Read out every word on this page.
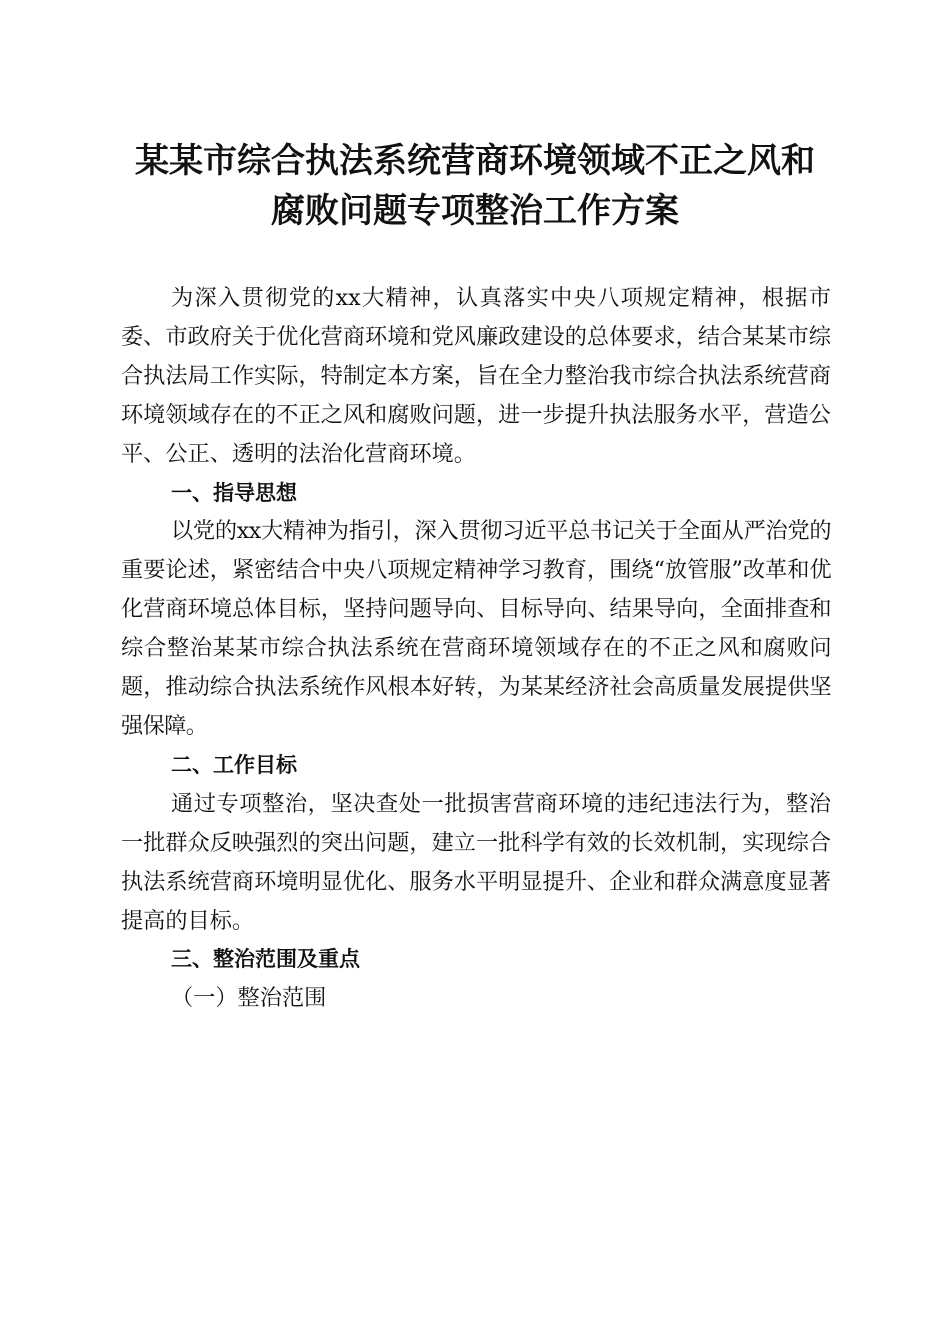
某某市综合执法系统营商环境领域不正之风和
腐败问题专项整治工作方案

为深入贯彻党的xx大精神，认真落实中央八项规定精神，根据市委、市政府关于优化营商环境和党风廉政建设的总体要求，结合某某市综合执法局工作实际，特制定本方案，旨在全力整治我市综合执法系统营商环境领域存在的不正之风和腐败问题，进一步提升执法服务水平，营造公平、公正、透明的法治化营商环境。

一、指导思想

以党的xx大精神为指引，深入贯彻习近平总书记关于全面从严治党的重要论述，紧密结合中央八项规定精神学习教育，围绕“放管服”改革和优化营商环境总体目标，坚持问题导向、目标导向、结果导向，全面排查和综合整治某某市综合执法系统在营商环境领域存在的不正之风和腐败问题，推动综合执法系统作风根本好转，为某某经济社会高质量发展提供坚强保障。

二、工作目标

通过专项整治，坚决查处一批损害营商环境的违纪违法行为，整治一批群众反映强烈的突出问题，建立一批科学有效的长效机制，实现综合执法系统营商环境明显优化、服务水平明显提升、企业和群众满意度显著提高的目标。

三、整治范围及重点

（一）整治范围
